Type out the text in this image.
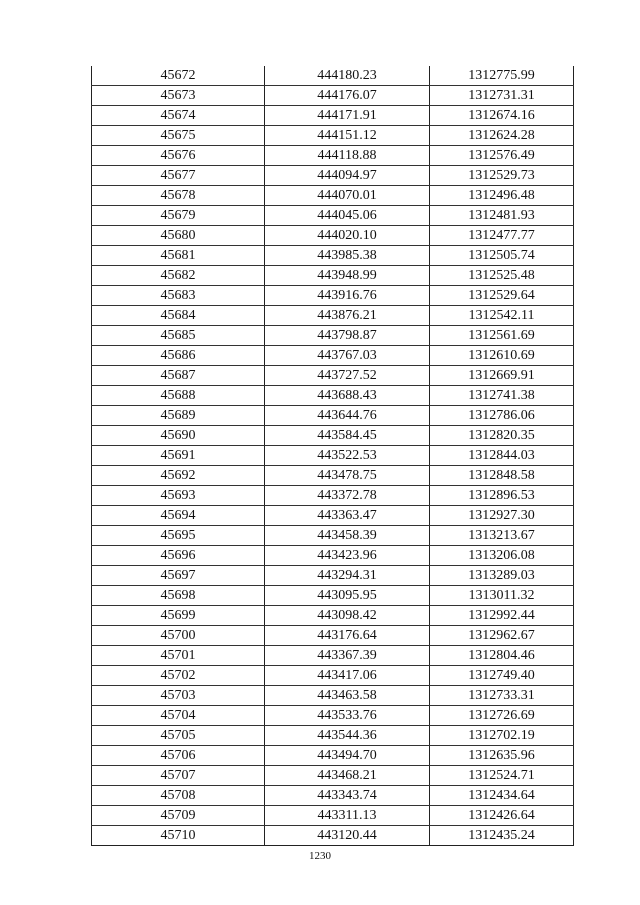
45672	444180.23	1312775.99
45673	444176.07	1312731.31
45674	444171.91	1312674.16
45675	444151.12	1312624.28
45676	444118.88	1312576.49
45677	444094.97	1312529.73
45678	444070.01	1312496.48
45679	444045.06	1312481.93
45680	444020.10	1312477.77
45681	443985.38	1312505.74
45682	443948.99	1312525.48
45683	443916.76	1312529.64
45684	443876.21	1312542.11
45685	443798.87	1312561.69
45686	443767.03	1312610.69
45687	443727.52	1312669.91
45688	443688.43	1312741.38
45689	443644.76	1312786.06
45690	443584.45	1312820.35
45691	443522.53	1312844.03
45692	443478.75	1312848.58
45693	443372.78	1312896.53
45694	443363.47	1312927.30
45695	443458.39	1313213.67
45696	443423.96	1313206.08
45697	443294.31	1313289.03
45698	443095.95	1313011.32
45699	443098.42	1312992.44
45700	443176.64	1312962.67
45701	443367.39	1312804.46
45702	443417.06	1312749.40
45703	443463.58	1312733.31
45704	443533.76	1312726.69
45705	443544.36	1312702.19
45706	443494.70	1312635.96
45707	443468.21	1312524.71
45708	443343.74	1312434.64
45709	443311.13	1312426.64
45710	443120.44	1312435.24
1230
